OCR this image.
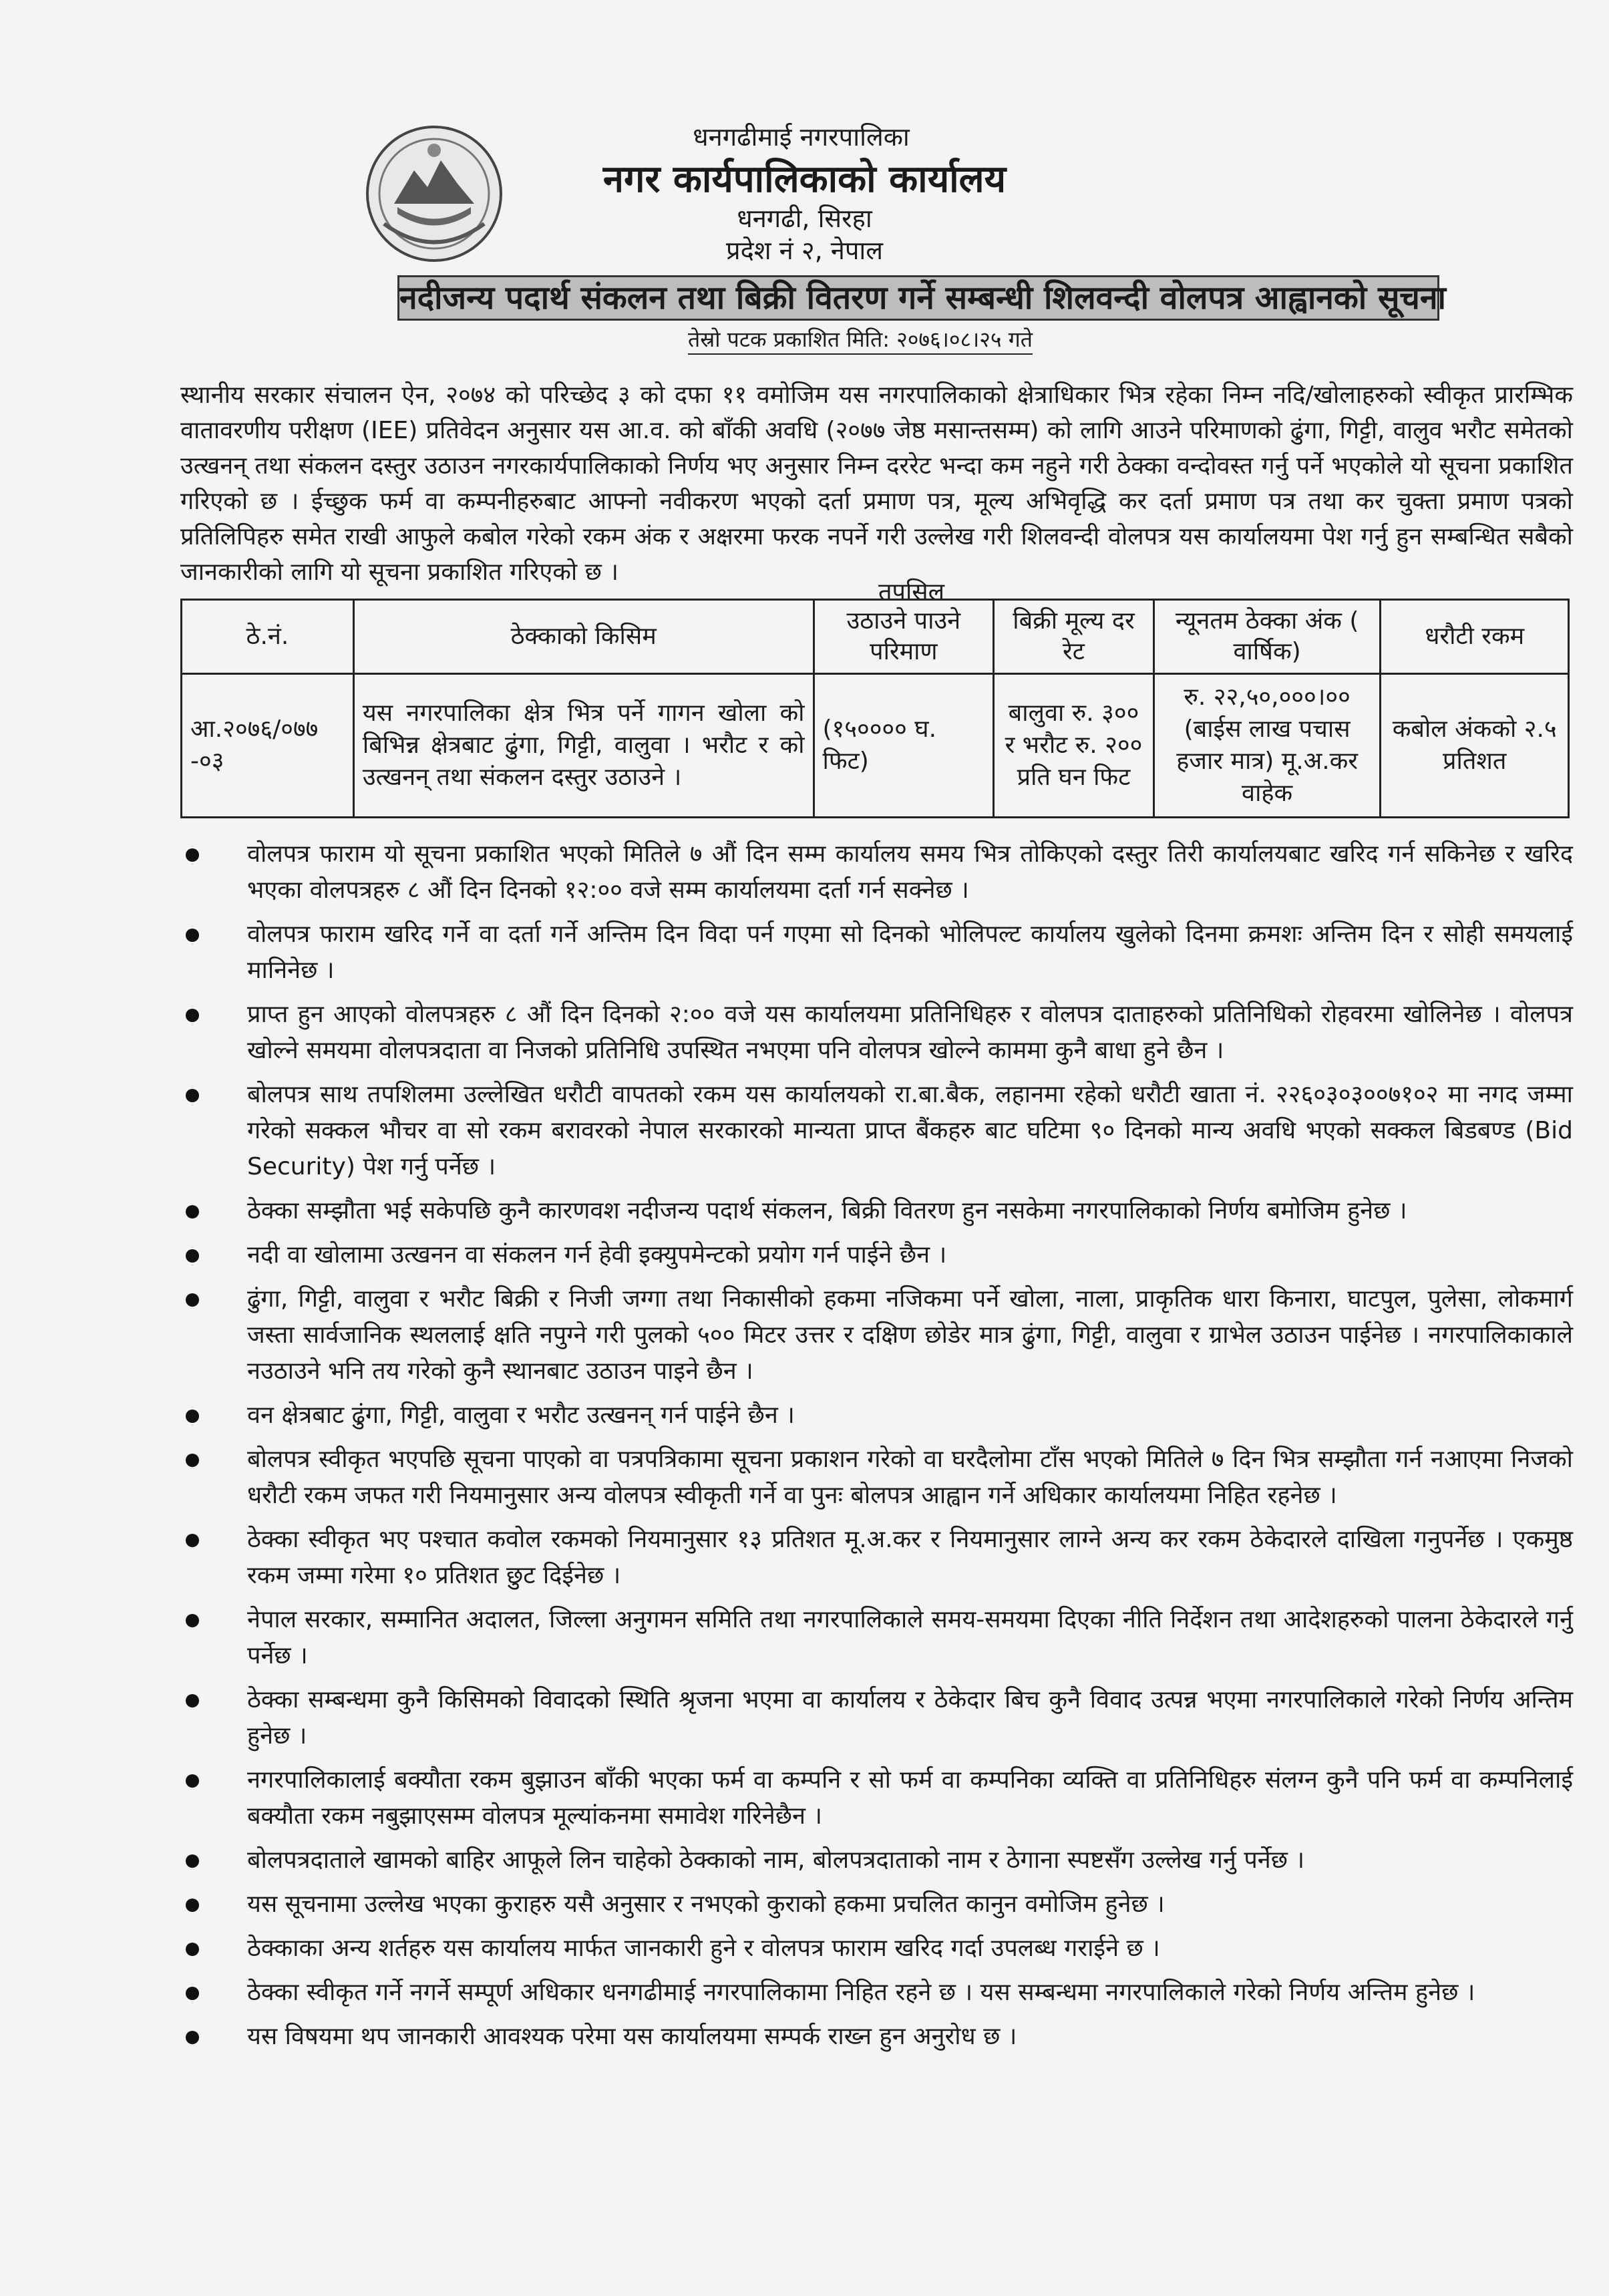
धनगढीमाई नगरपालिका
नगर कार्यपालिकाको कार्यालय
धनगढी, सिरहा
प्रदेश नं २, नेपाल
नदीजन्य पदार्थ संकलन तथा बिक्री वितरण गर्ने सम्बन्धी शिलवन्दी वोलपत्र आह्वानको सूचना
तेस्रो पटक प्रकाशित मिति: २०७६।०८।२५ गते
स्थानीय सरकार संचालन ऐन, २०७४ को परिच्छेद ३ को दफा ११ वमोजिम यस नगरपालिकाको क्षेत्राधिकार भित्र रहेका निम्न नदि/खोलाहरुको स्वीकृत प्रारम्भिक वातावरणीय परीक्षण (IEE) प्रतिवेदन अनुसार यस आ.व. को बाँकी अवधि (२०७७ जेष्ठ मसान्तसम्म) को लागि आउने परिमाणको ढुंगा, गिट्टी, वालुव भरौट समेतको उत्खनन् तथा संकलन दस्तुर उठाउन नगरकार्यपालिकाको निर्णय भए अनुसार निम्न दररेट भन्दा कम नहुने गरी ठेक्का वन्दोवस्त गर्नु पर्ने भएकोले यो सूचना प्रकाशित गरिएको छ । ईच्छुक फर्म वा कम्पनीहरुबाट आफ्नो नवीकरण भएको दर्ता प्रमाण पत्र, मूल्य अभिवृद्धि कर दर्ता प्रमाण पत्र तथा कर चुक्ता प्रमाण पत्रको प्रतिलिपिहरु समेत राखी आफुले कबोल गरेको रकम अंक र अक्षरमा फरक नपर्ने गरी उल्लेख गरी शिलवन्दी वोलपत्र यस कार्यालयमा पेश गर्नु हुन सम्बन्धित सबैको जानकारीको लागि यो सूचना प्रकाशित गरिएको छ ।
तपसिल
ठे.नं.	ठेक्काको किसिम	उठाउने पाउने परिमाण	बिक्री मूल्य दर रेट	न्यूनतम ठेक्का अंक ( वार्षिक)	धरौटी रकम
आ.२०७६/०७७ -०३	यस नगरपालिका क्षेत्र भित्र पर्ने गागन खोला को बिभिन्न क्षेत्रबाट ढुंगा, गिट्टी, वालुवा । भरौट र को उत्खनन् तथा संकलन दस्तुर उठाउने ।	(१५०००० घ. फिट)	बालुवा रु. ३०० र भरौट रु. २०० प्रति घन फिट	रु. २२,५०,०००।०० (बाईस लाख पचास हजार मात्र) मू.अ.कर वाहेक	कबोल अंकको २.५ प्रतिशत
वोलपत्र फाराम यो सूचना प्रकाशित भएको मितिले ७ औं दिन सम्म कार्यालय समय भित्र तोकिएको दस्तुर तिरी कार्यालयबाट खरिद गर्न सकिनेछ र खरिद भएका वोलपत्रहरु ८ औं दिन दिनको १२:०० वजे सम्म कार्यालयमा दर्ता गर्न सक्नेछ ।
वोलपत्र फाराम खरिद गर्ने वा दर्ता गर्ने अन्तिम दिन विदा पर्न गएमा सो दिनको भोलिपल्ट कार्यालय खुलेको दिनमा क्रमशः अन्तिम दिन र सोही समयलाई मानिनेछ ।
प्राप्त हुन आएको वोलपत्रहरु ८ औं दिन दिनको २:०० वजे यस कार्यालयमा प्रतिनिधिहरु र वोलपत्र दाताहरुको प्रतिनिधिको रोहवरमा खोलिनेछ । वोलपत्र खोल्ने समयमा वोलपत्रदाता वा निजको प्रतिनिधि उपस्थित नभएमा पनि वोलपत्र खोल्ने काममा कुनै बाधा हुने छैन ।
बोलपत्र साथ तपशिलमा उल्लेखित धरौटी वापतको रकम यस कार्यालयको रा.बा.बैक, लहानमा रहेको धरौटी खाता नं. २२६०३०३००७१०२ मा नगद जम्मा गरेको सक्कल भौचर वा सो रकम बरावरको नेपाल सरकारको मान्यता प्राप्त बैंकहरु बाट घटिमा ९० दिनको मान्य अवधि भएको सक्कल बिडबण्ड (Bid Security) पेश गर्नु पर्नेछ ।
ठेक्का सम्झौता भई सकेपछि कुनै कारणवश नदीजन्य पदार्थ संकलन, बिक्री वितरण हुन नसकेमा नगरपालिकाको निर्णय बमोजिम हुनेछ ।
नदी वा खोलामा उत्खनन वा संकलन गर्न हेवी इक्युपमेन्टको प्रयोग गर्न पाईने छैन ।
ढुंगा, गिट्टी, वालुवा र भरौट बिक्री र निजी जग्गा तथा निकासीको हकमा नजिकमा पर्ने खोला, नाला, प्राकृतिक धारा किनारा, घाटपुल, पुलेसा, लोकमार्ग जस्ता सार्वजानिक स्थललाई क्षति नपुग्ने गरी पुलको ५०० मिटर उत्तर र दक्षिण छोडेर मात्र ढुंगा, गिट्टी, वालुवा र ग्राभेल उठाउन पाईनेछ । नगरपालिकाकाले नउठाउने भनि तय गरेको कुनै स्थानबाट उठाउन पाइने छैन ।
वन क्षेत्रबाट ढुंगा, गिट्टी, वालुवा र भरौट उत्खनन् गर्न पाईने छैन ।
बोलपत्र स्वीकृत भएपछि सूचना पाएको वा पत्रपत्रिकामा सूचना प्रकाशन गरेको वा घरदैलोमा टाँस भएको मितिले ७ दिन भित्र सम्झौता गर्न नआएमा निजको धरौटी रकम जफत गरी नियमानुसार अन्य वोलपत्र स्वीकृती गर्ने वा पुनः बोलपत्र आह्वान गर्ने अधिकार कार्यालयमा निहित रहनेछ ।
ठेक्का स्वीकृत भए पश्चात कवोल रकमको नियमानुसार १३ प्रतिशत मू.अ.कर र नियमानुसार लाग्ने अन्य कर रकम ठेकेदारले दाखिला गनुपर्नेछ । एकमुष्ठ रकम जम्मा गरेमा १० प्रतिशत छुट दिईनेछ ।
नेपाल सरकार, सम्मानित अदालत, जिल्ला अनुगमन समिति तथा नगरपालिकाले समय-समयमा दिएका नीति निर्देशन तथा आदेशहरुको पालना ठेकेदारले गर्नु पर्नेछ ।
ठेक्का सम्बन्धमा कुनै किसिमको विवादको स्थिति श्रृजना भएमा वा कार्यालय र ठेकेदार बिच कुनै विवाद उत्पन्न भएमा नगरपालिकाले गरेको निर्णय अन्तिम हुनेछ ।
नगरपालिकालाई बक्यौता रकम बुझाउन बाँकी भएका फर्म वा कम्पनि र सो फर्म वा कम्पनिका व्यक्ति वा प्रतिनिधिहरु संलग्न कुनै पनि फर्म वा कम्पनिलाई बक्यौता रकम नबुझाएसम्म वोलपत्र मूल्यांकनमा समावेश गरिनेछैन ।
बोलपत्रदाताले खामको बाहिर आफूले लिन चाहेको ठेक्काको नाम, बोलपत्रदाताको नाम र ठेगाना स्पष्टसँग उल्लेख गर्नु पर्नेछ ।
यस सूचनामा उल्लेख भएका कुराहरु यसै अनुसार र नभएको कुराको हकमा प्रचलित कानुन वमोजिम हुनेछ ।
ठेक्काका अन्य शर्तहरु यस कार्यालय मार्फत जानकारी हुने र वोलपत्र फाराम खरिद गर्दा उपलब्ध गराईने छ ।
ठेक्का स्वीकृत गर्ने नगर्ने सम्पूर्ण अधिकार धनगढीमाई नगरपालिकामा निहित रहने छ । यस सम्बन्धमा नगरपालिकाले गरेको निर्णय अन्तिम हुनेछ ।
यस विषयमा थप जानकारी आवश्यक परेमा यस कार्यालयमा सम्पर्क राख्न हुन अनुरोध छ ।
